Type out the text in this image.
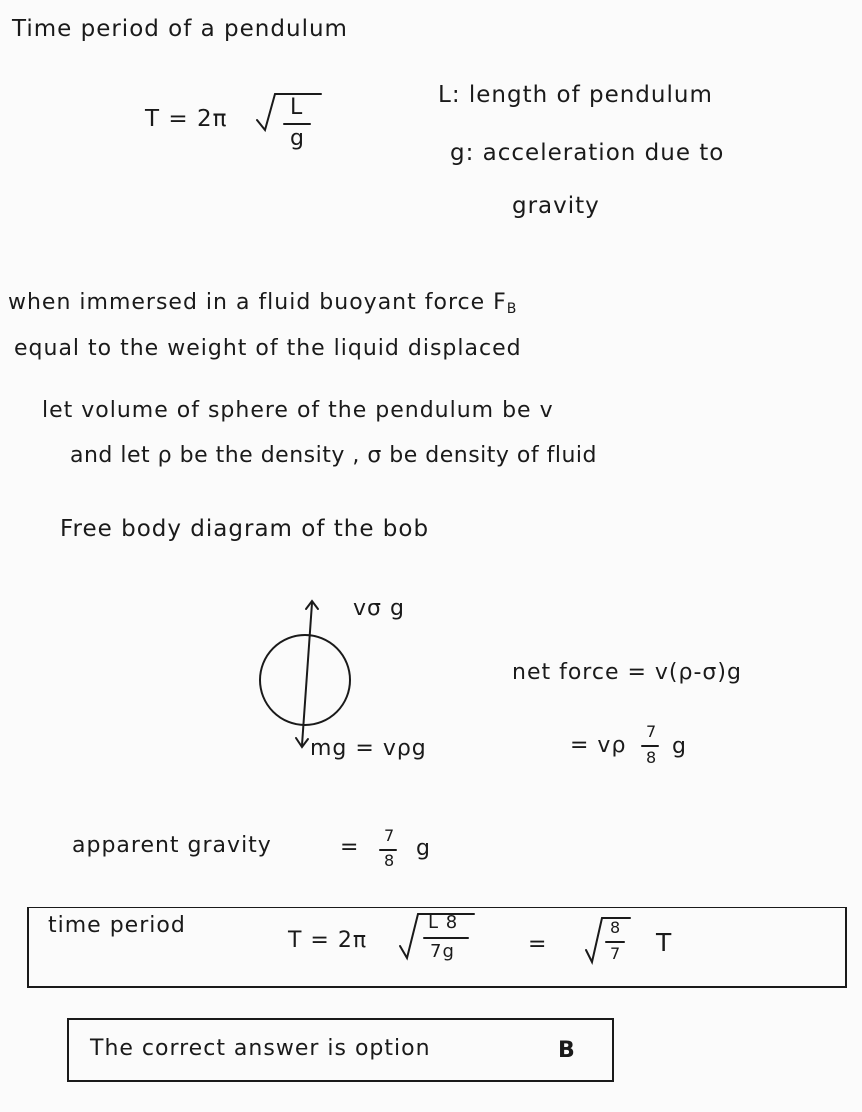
Time period of a pendulum
T = 2π	L
g
L: length of pendulum
g: acceleration due to
gravity
when immersed in a fluid buoyant force FB
equal to the weight of the liquid displaced
let volume of sphere of the pendulum be v
and let ρ be the density , σ be density of fluid
Free body diagram of the bob
vσ g
mg = vρg
net force = v(ρ-σ)g
= vρ
7
8 g
apparent gravity	= 7
8 g
time period
T = 2π
L 8
7g	=
8
7 T
The correct answer is option	B
